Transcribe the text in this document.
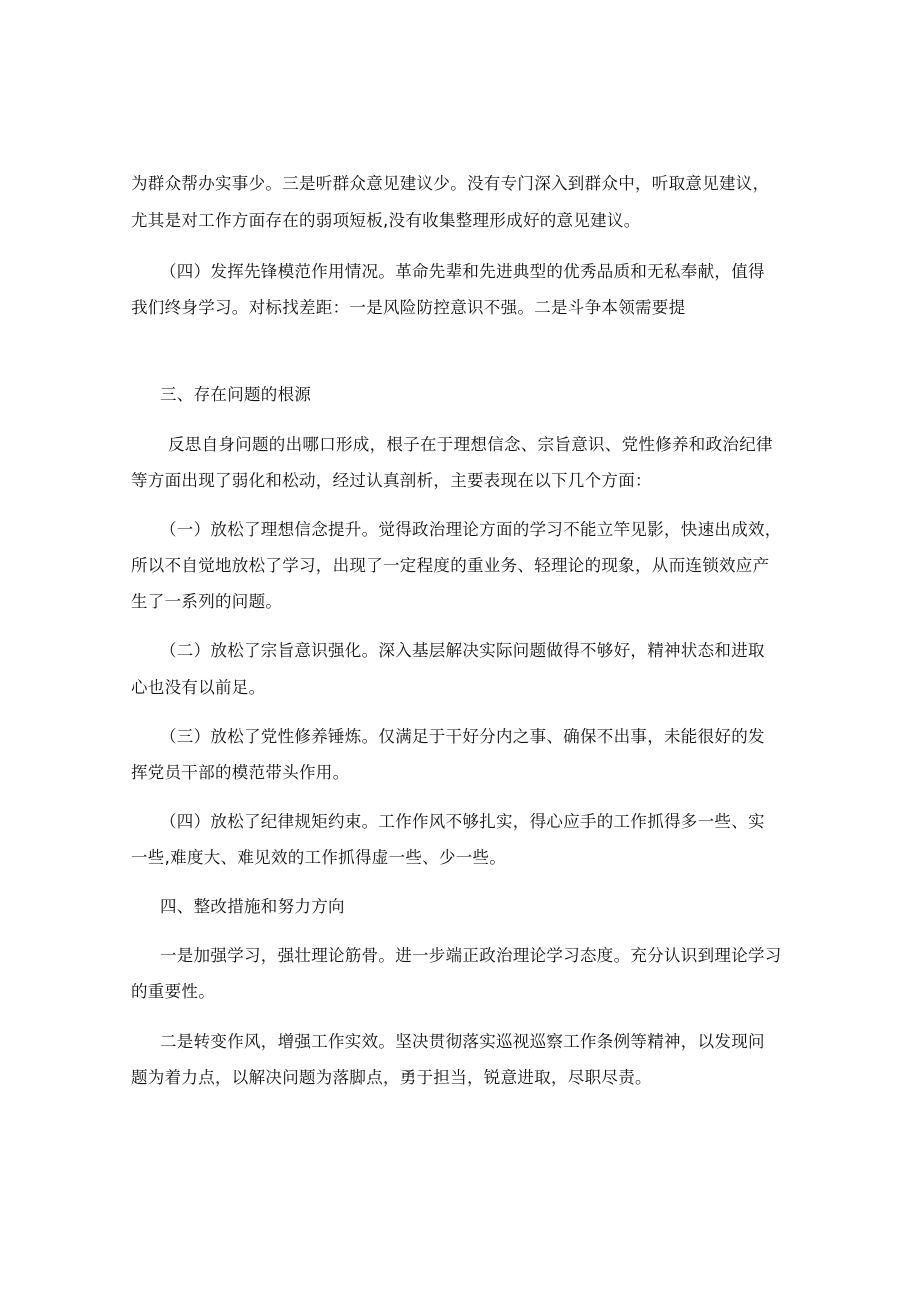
为群众帮办实事少。三是听群众意见建议少。没有专门深入到群众中，听取意见建议，
尤其是对工作方面存在的弱项短板,没有收集整理形成好的意见建议。
（四）发挥先锋模范作用情况。革命先辈和先进典型的优秀品质和无私奉献，值得
我们终身学习。对标找差距：一是风险防控意识不强。二是斗争本领需要提
三、存在问题的根源
反思自身问题的出哪口形成，根子在于理想信念、宗旨意识、党性修养和政治纪律
等方面出现了弱化和松动，经过认真剖析，主要表现在以下几个方面：
（一）放松了理想信念提升。觉得政治理论方面的学习不能立竿见影，快速出成效，
所以不自觉地放松了学习，出现了一定程度的重业务、轻理论的现象，从而连锁效应产
生了一系列的问题。
（二）放松了宗旨意识强化。深入基层解决实际问题做得不够好，精神状态和进取
心也没有以前足。
（三）放松了党性修养锤炼。仅满足于干好分内之事、确保不出事，未能很好的发
挥党员干部的模范带头作用。
（四）放松了纪律规矩约束。工作作风不够扎实，得心应手的工作抓得多一些、实
一些,难度大、难见效的工作抓得虚一些、少一些。
四、整改措施和努力方向
一是加强学习，强壮理论筋骨。进一步端正政治理论学习态度。充分认识到理论学习
的重要性。
二是转变作风，增强工作实效。坚决贯彻落实巡视巡察工作条例等精神，以发现问
题为着力点，以解决问题为落脚点，勇于担当，锐意进取，尽职尽责。
